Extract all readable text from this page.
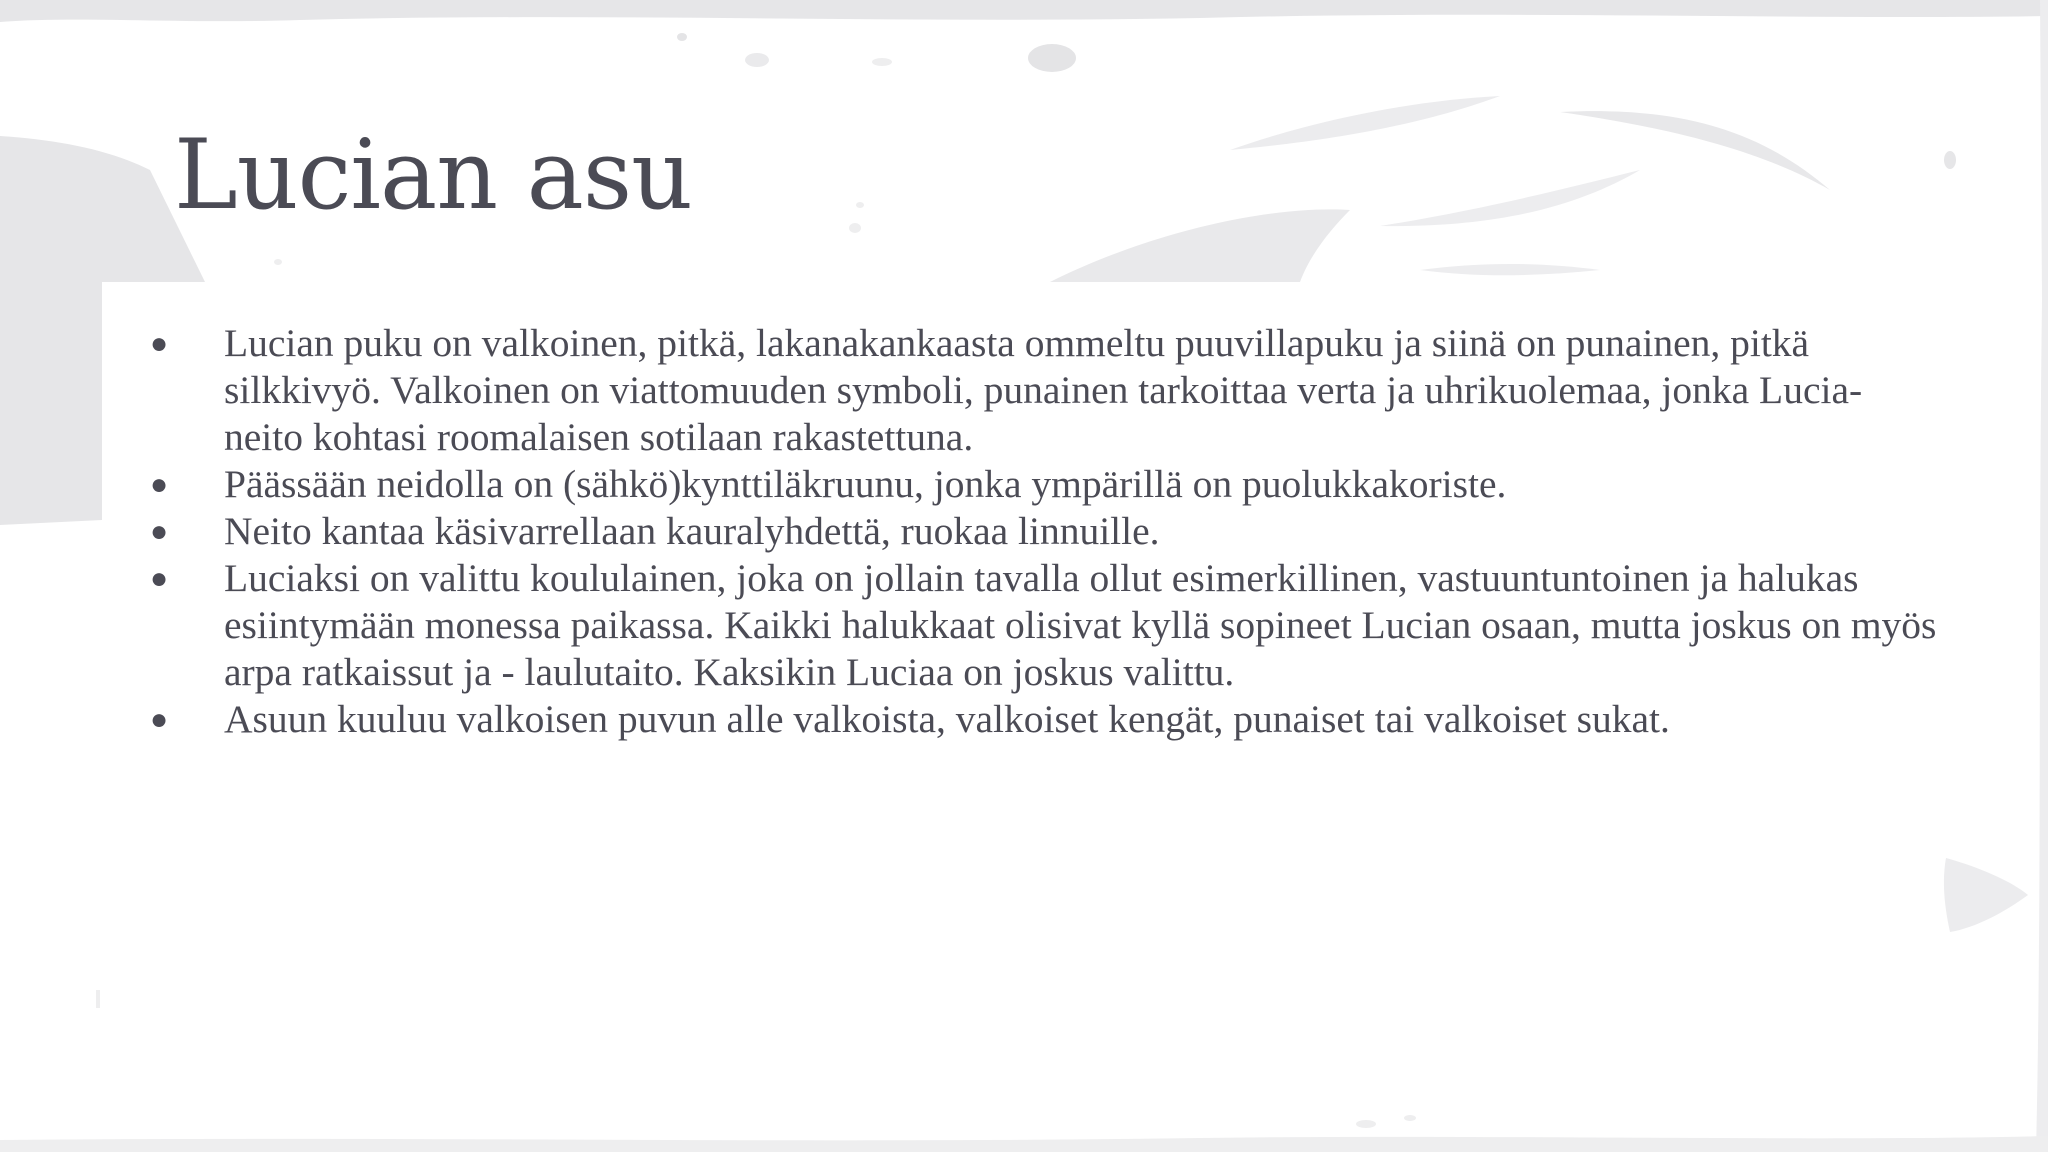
Lucian asu
● Lucian puku on valkoinen, pitkä, lakanakankaasta ommeltu puuvillapuku ja siinä on punainen, pitkä silkkivyö. Valkoinen on viattomuuden symboli, punainen tarkoittaa verta ja uhrikuolemaa, jonka Lucia-neito kohtasi roomalaisen sotilaan rakastettuna.
● Päässään neidolla on (sähkö)kynttiläkruunu, jonka ympärillä on puolukkakoriste.
● Neito kantaa käsivarrellaan kauralyhdettä, ruokaa linnuille.
● Luciaksi on valittu koululainen, joka on jollain tavalla ollut esimerkillinen, vastuuntuntoinen ja halukas esiintymään monessa paikassa. Kaikki halukkaat olisivat kyllä sopineet Lucian osaan, mutta joskus on myös arpa ratkaissut ja - laulutaito. Kaksikin Luciaa on joskus valittu.
● Asuun kuuluu valkoisen puvun alle valkoista, valkoiset kengät, punaiset tai valkoiset sukat.
